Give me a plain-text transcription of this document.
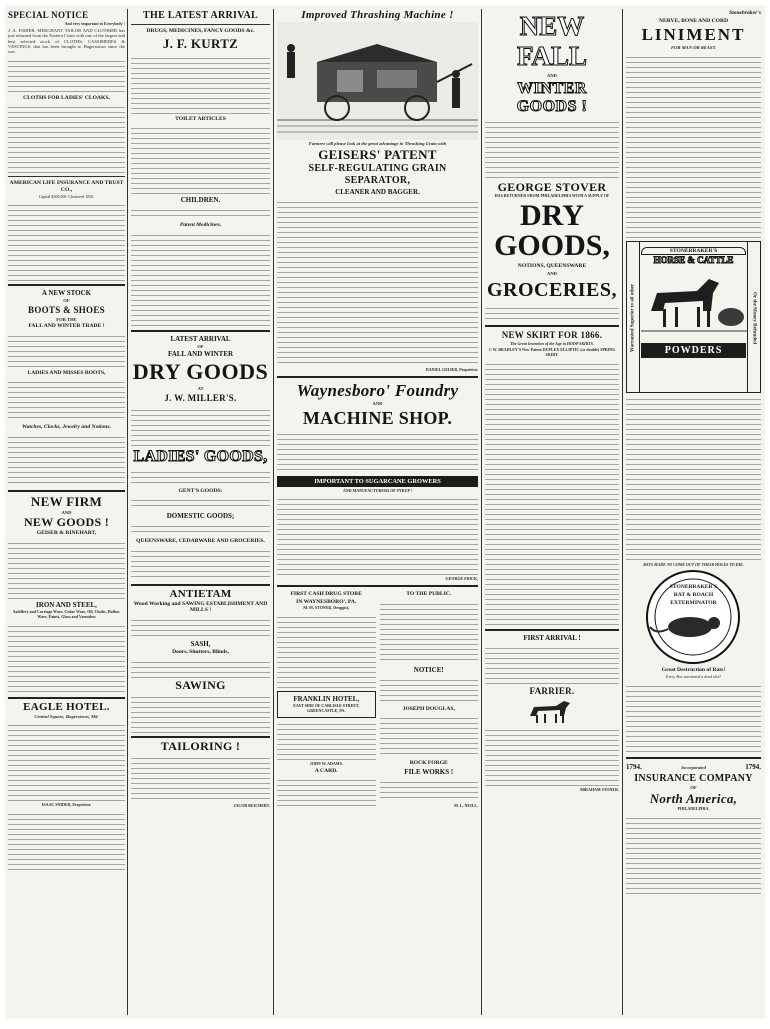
SPECIAL NOTICE
And very important to Everybody !
J. A. FISHER, MERCHANT TAILOR AND CLOTHIER has just returned from the Eastern Cities with one of the largest and best selected stock of CLOTHS, CASSIMERES & VESTINGS, that has been brought to Hagerstown since the war.
CLOTHS FOR LADIES' CLOAKS,
AMERICAN LIFE INSURANCE AND TRUST CO.,
Capital $500,000. Chartered 1850.
A NEW STOCK
OF
BOOTS & SHOES
FOR THE
FALL AND WINTER TRADE !
LADIES AND MISSES BOOTS,
Watches, Clocks, Jewelry and Notions.
NEW FIRM
AND
NEW GOODS !
GEISER & RINEHART,
IRON AND STEEL,
Saddlery and Carriage Ware, Cedar Ware, Oil, Cloths, Hollow Ware, Paints, Glass and Varnishes
EAGLE HOTEL.
Central Square, Hagerstown, Md.
ISAAC SNIDER, Proprietor.
THE LATEST ARRIVAL
DRUGS, MEDICINES, FANCY GOODS &c.
J. F. KURTZ
TOILET ARTICLES
CHILDREN.
Patent Medicines.
LATEST ARRIVAL
OF
FALL AND WINTER
DRY GOODS
AT
J. W. MILLER'S.
LADIES' GOODS,
GENT'S GOODS:
DOMESTIC GOODS;
QUEENSWARE, CEDARWARE AND GROCERIES.
ANTIETAM
Wood Working and SAWING ESTABLISHMENT AND MILLS !
SASH,
Doors, Shutters, Blinds,
SAWING
TAILORING !
JACOB REICHERT.
Improved Thrashing Machine !
Farmers will please look at the great advantage in Thrashing Grain with
GEISERS' PATENT
SELF-REGULATING GRAIN SEPARATOR,
CLEANER AND BAGGER.
DANIEL GEISER, Proprietor.
Waynesboro' Foundry
AND
MACHINE SHOP.
IMPORTANT TO SUGARCANE GROWERS
AND MANUFACTURERS OF SYRUP !
GEORGE FRICK,
FIRST CASH DRUG STORE
IN WAYNESBORO', PA.
M. M. STONER, Druggist,
FRANKLIN HOTEL,
EAST SIDE OF CARLISLE STREET, GREENCASTLE, PA.
JOHN W. ADAMS.
A CARD.
TO THE PUBLIC.
NOTICE!
JOSEPH DOUGLAS,
ROCK FORGE
FILE WORKS !
M. L. NEILL.
NEW FALL
AND
WINTER GOODS !
GEORGE STOVER
HAS RETURNED FROM PHILADELPHIA WITH A SUPPLY OF
DRY GOODS,
NOTIONS, QUEENSWARE
AND
GROCERIES,
NEW SKIRT FOR 1866.
The Great Invention of the Age in HOOP SKIRTS.
J. W. BRADLEY'S New Patent DUPLEX ELLIPTIC (or double) SPRING SKIRT.
FIRST ARRIVAL !
FARRIER.
ABRAHAM STONER.
Stonebraker's
NERVE, BONE AND CORD
LINIMENT
FOR MAN OR BEAST.
Warranted Superior to all other	Or the Money Refunded
STONEBRAKER'S
HORSE & CATTLE
POWDERS
RATS MADE TO COME OUT OF THEIR HOLES TO DIE.
STONEBRAKER'S
RAT & ROACH
EXTERMINATOR
Great Destruction of Rats!
Every Box warranted a dead shot!
1794.	Incorporated	1794.
INSURANCE COMPANY
OF
North America,
PHILADELPHIA.
